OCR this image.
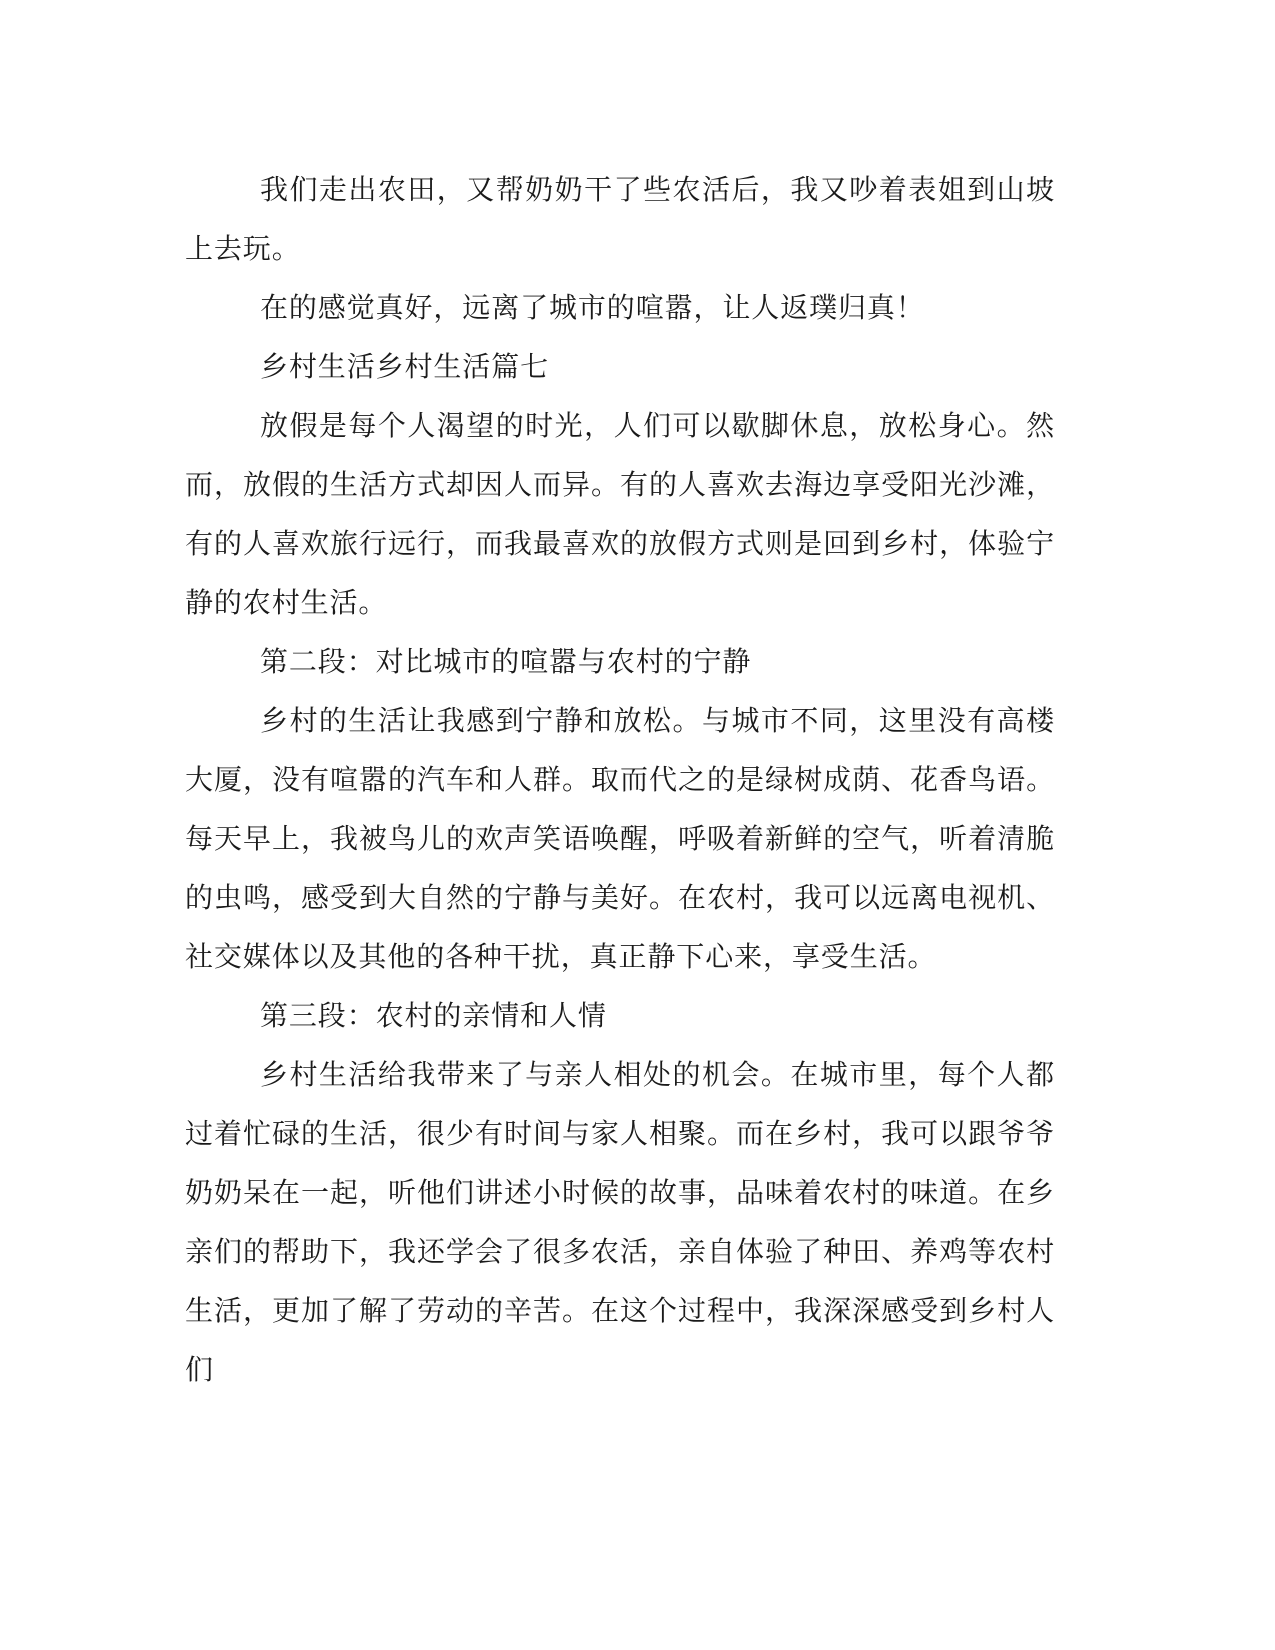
我们走出农田，又帮奶奶干了些农活后，我又吵着表姐到山坡上去玩。

在的感觉真好，远离了城市的喧嚣，让人返璞归真！

乡村生活乡村生活篇七

放假是每个人渴望的时光，人们可以歇脚休息，放松身心。然而，放假的生活方式却因人而异。有的人喜欢去海边享受阳光沙滩，有的人喜欢旅行远行，而我最喜欢的放假方式则是回到乡村，体验宁静的农村生活。

第二段：对比城市的喧嚣与农村的宁静

乡村的生活让我感到宁静和放松。与城市不同，这里没有高楼大厦，没有喧嚣的汽车和人群。取而代之的是绿树成荫、花香鸟语。每天早上，我被鸟儿的欢声笑语唤醒，呼吸着新鲜的空气，听着清脆的虫鸣，感受到大自然的宁静与美好。在农村，我可以远离电视机、社交媒体以及其他的各种干扰，真正静下心来，享受生活。

第三段：农村的亲情和人情

乡村生活给我带来了与亲人相处的机会。在城市里，每个人都过着忙碌的生活，很少有时间与家人相聚。而在乡村，我可以跟爷爷奶奶呆在一起，听他们讲述小时候的故事，品味着农村的味道。在乡亲们的帮助下，我还学会了很多农活，亲自体验了种田、养鸡等农村生活，更加了解了劳动的辛苦。在这个过程中，我深深感受到乡村人们
